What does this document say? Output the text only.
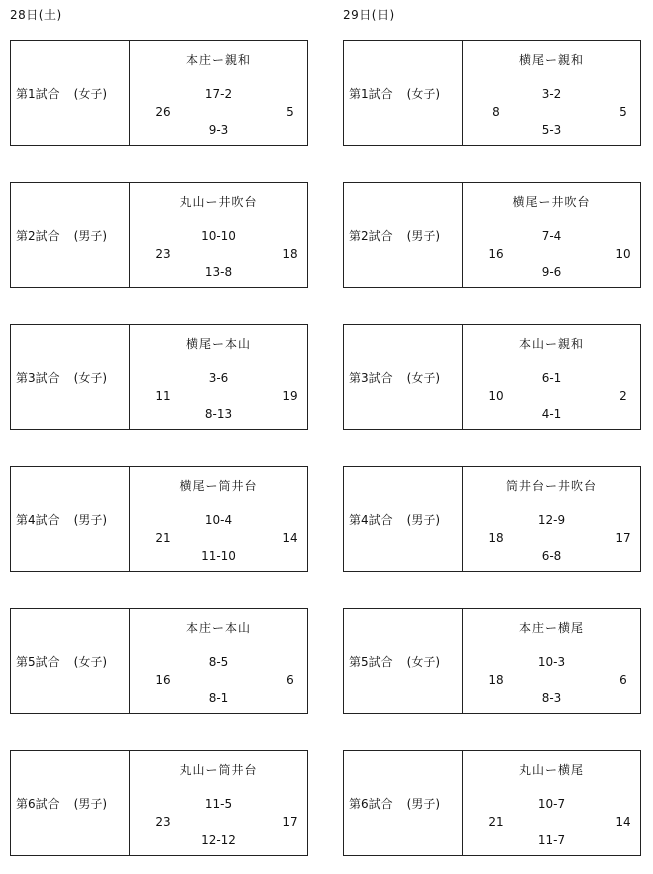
28日(土)
第1試合 (女子)
本庄ー親和
17-2
26	5
9-3
第2試合 (男子)
丸山ー井吹台
10-10
23	18
13-8
第3試合 (女子)
横尾ー本山
3-6
11	19
8-13
第4試合 (男子)
横尾ー筒井台
10-4
21	14
11-10
第5試合 (女子)
本庄ー本山
8-5
16	6
8-1
第6試合 (男子)
丸山ー筒井台
11-5
23	17
12-12
29日(日)
第1試合 (女子)
横尾ー親和
3-2
8	5
5-3
第2試合 (男子)
横尾ー井吹台
7-4
16	10
9-6
第3試合 (女子)
本山ー親和
6-1
10	2
4-1
第4試合 (男子)
筒井台ー井吹台
12-9
18	17
6-8
第5試合 (女子)
本庄ー横尾
10-3
18	6
8-3
第6試合 (男子)
丸山ー横尾
10-7
21	14
11-7
